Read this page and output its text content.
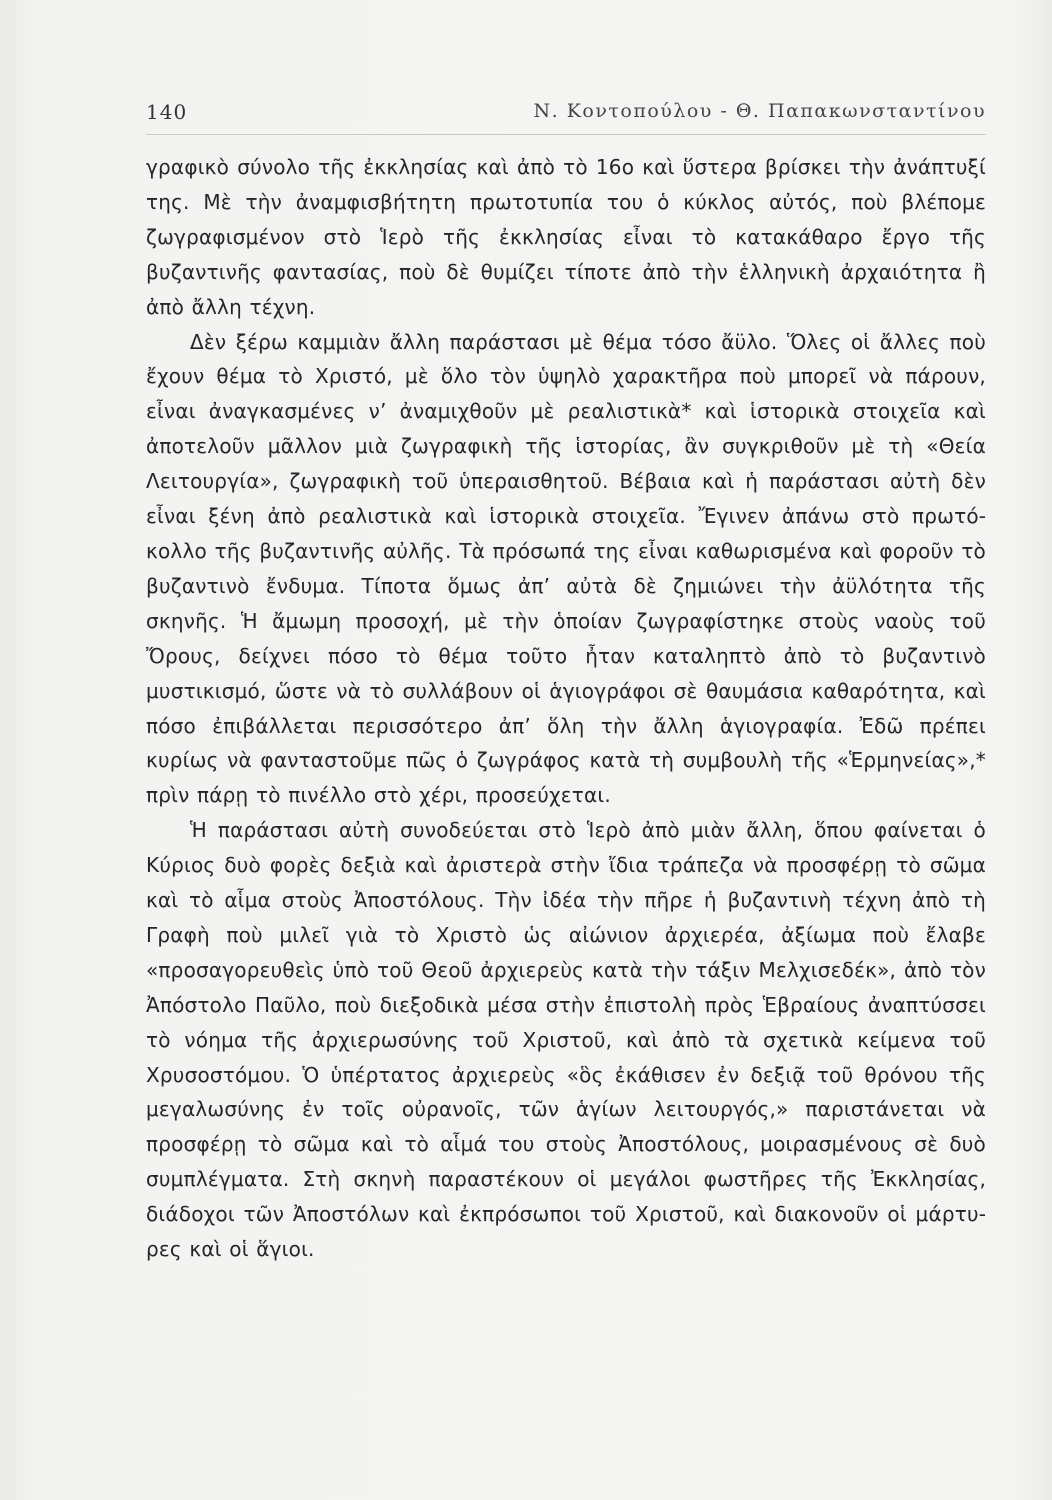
140	Ν. Κοντοπούλου - Θ. Παπακωνσταντίνου

γραφικὸ σύνολο τῆς ἐκκλησίας καὶ ἀπὸ τὸ 16ο καὶ ὕστερα βρίσκει τὴν ἀνάπτυξί της. Μὲ τὴν ἀναμφισβήτητη πρωτοτυπία του ὁ κύκλος αὐτός, ποὺ βλέπομε ζωγραφισμένον στὸ Ἱερὸ τῆς ἐκκλησίας εἶναι τὸ κατακάθαρο ἔργο τῆς βυζαντινῆς φαντασίας, ποὺ δὲ θυμίζει τίποτε ἀπὸ τὴν ἑλληνικὴ ἀρχαιότητα ἢ ἀπὸ ἄλλη τέχνη.

Δὲν ξέρω καμμιὰν ἄλλη παράστασι μὲ θέμα τόσο ἄϋλο. Ὅλες οἱ ἄλλες ποὺ ἔχουν θέμα τὸ Χριστό, μὲ ὅλο τὸν ὑψηλὸ χαρακτῆρα ποὺ μπορεῖ νὰ πάρουν, εἶναι ἀναγκασμένες ν’ ἀναμιχθοῦν μὲ ρεαλιστικὰ* καὶ ἱστορικὰ στοιχεῖα καὶ ἀποτελοῦν μᾶλλον μιὰ ζωγραφικὴ τῆς ἱστορίας, ἂν συγκριθοῦν μὲ τὴ «Θεία Λειτουργία», ζωγραφικὴ τοῦ ὑπεραισθητοῦ. Βέβαια καὶ ἡ παράστασι αὐτὴ δὲν εἶναι ξένη ἀπὸ ρεαλιστικὰ καὶ ἱστορικὰ στοιχεῖα. Ἔγινεν ἀπάνω στὸ πρωτόκολλο τῆς βυζαντινῆς αὐλῆς. Τὰ πρόσωπά της εἶναι καθωρισμένα καὶ φοροῦν τὸ βυζαντινὸ ἔνδυμα. Τίποτα ὅμως ἀπ’ αὐτὰ δὲ ζημιώνει τὴν ἀϋλότητα τῆς σκηνῆς. Ἡ ἄμωμη προσοχή, μὲ τὴν ὁποίαν ζωγραφίστηκε στοὺς ναοὺς τοῦ Ὄρους, δείχνει πόσο τὸ θέμα τοῦτο ἦταν καταληπτὸ ἀπὸ τὸ βυζαντινὸ μυστικισμό, ὥστε νὰ τὸ συλλάβουν οἱ ἁγιογράφοι σὲ θαυμάσια καθαρότητα, καὶ πόσο ἐπιβάλλεται περισσότερο ἀπ’ ὅλη τὴν ἄλλη ἁγιογραφία. Ἐδῶ πρέπει κυρίως νὰ φανταστοῦμε πῶς ὁ ζωγράφος κατὰ τὴ συμβουλὴ τῆς «Ἑρμηνείας»,* πρὶν πάρῃ τὸ πινέλλο στὸ χέρι, προσεύχεται.

Ἡ παράστασι αὐτὴ συνοδεύεται στὸ Ἱερὸ ἀπὸ μιὰν ἄλλη, ὅπου φαίνεται ὁ Κύριος δυὸ φορὲς δεξιὰ καὶ ἀριστερὰ στὴν ἴδια τράπεζα νὰ προσφέρῃ τὸ σῶμα καὶ τὸ αἷμα στοὺς Ἀποστόλους. Τὴν ἰδέα τὴν πῆρε ἡ βυζαντινὴ τέχνη ἀπὸ τὴ Γραφὴ ποὺ μιλεῖ γιὰ τὸ Χριστὸ ὡς αἰώνιον ἀρχιερέα, ἀξίωμα ποὺ ἔλαβε «προσαγορευθεὶς ὑπὸ τοῦ Θεοῦ ἀρχιερεὺς κατὰ τὴν τάξιν Μελχισεδέκ», ἀπὸ τὸν Ἀπόστολο Παῦλο, ποὺ διεξοδικὰ μέσα στὴν ἐπιστολὴ πρὸς Ἑβραίους ἀναπτύσσει τὸ νόημα τῆς ἀρχιερωσύνης τοῦ Χριστοῦ, καὶ ἀπὸ τὰ σχετικὰ κείμενα τοῦ Χρυσοστόμου. Ὁ ὑπέρτατος ἀρχιερεὺς «ὃς ἐκάθισεν ἐν δεξιᾷ τοῦ θρόνου τῆς μεγαλωσύνης ἐν τοῖς οὐρανοῖς, τῶν ἁγίων λειτουργός,» παριστάνεται νὰ προσφέρῃ τὸ σῶμα καὶ τὸ αἷμά του στοὺς Ἀποστόλους, μοιρασμένους σὲ δυὸ συμπλέγματα. Στὴ σκηνὴ παραστέκουν οἱ μεγάλοι φωστῆρες τῆς Ἐκκλησίας, διάδοχοι τῶν Ἀποστόλων καὶ ἐκπρόσωποι τοῦ Χριστοῦ, καὶ διακονοῦν οἱ μάρτυρες καὶ οἱ ἅγιοι.
